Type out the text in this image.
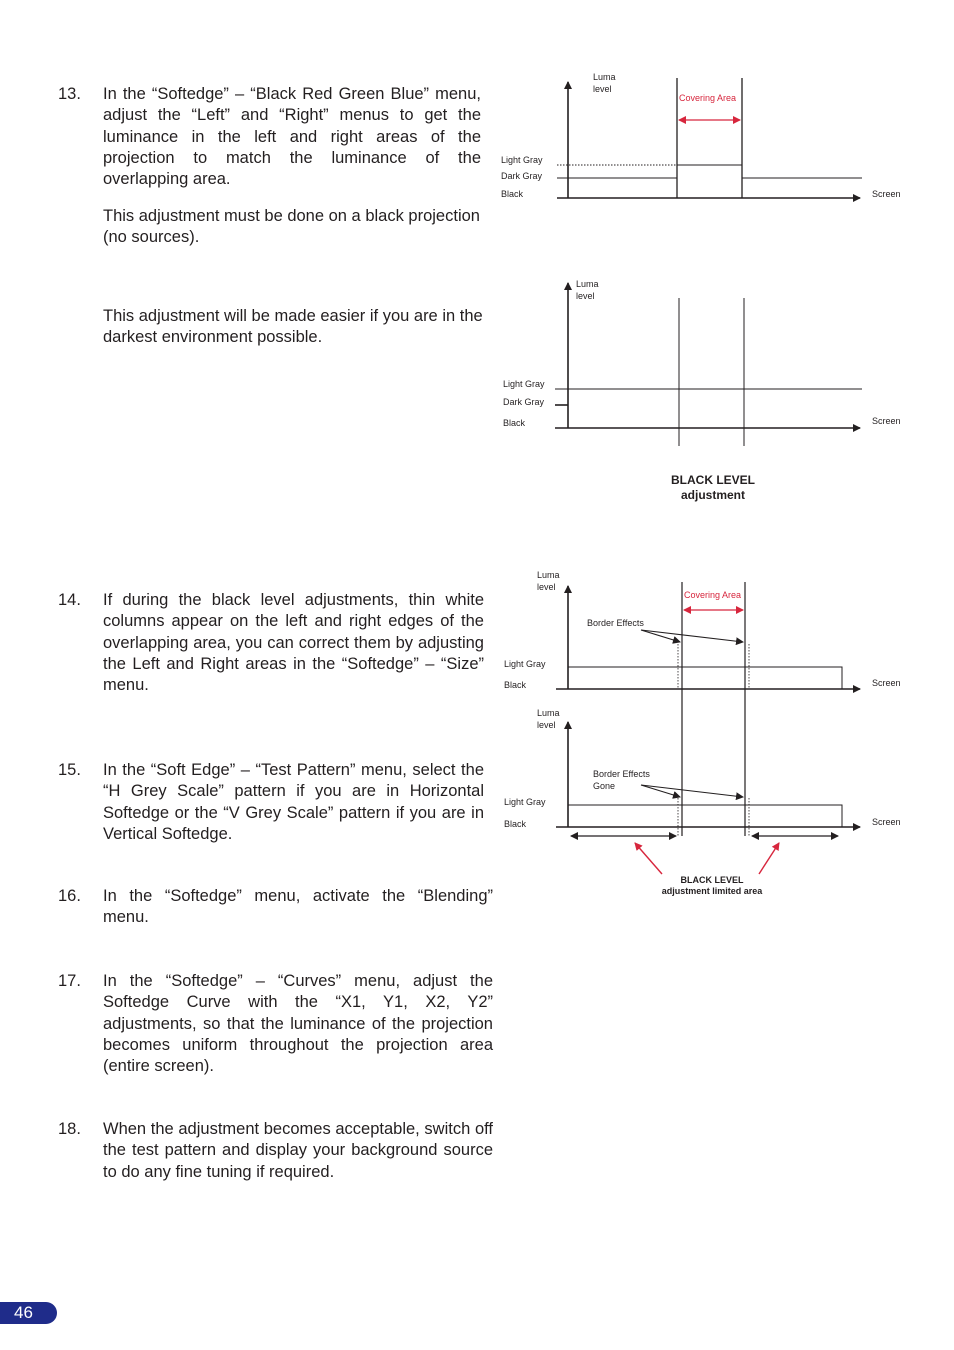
13. In the “Softedge” – “Black Red Green Blue” menu, adjust the “Left” and “Right” menus to get the luminance in the left and right areas of the projection to match the luminance of the overlapping area.
This adjustment must be done on a black projection (no sources).
This adjustment will be made easier if you are in the darkest environment possible.
14. If during the black level adjustments, thin white columns appear on the left and right edges of the overlapping area, you can correct them by adjusting the Left and Right areas in the “Softedge” – “Size” menu.
15. In the “Soft Edge” – “Test Pattern” menu, select the “H Grey Scale” pattern if you are in Horizontal Softedge or the “V Grey Scale” pattern if you are in Vertical Softedge.
16. In the “Softedge” menu, activate the “Blending” menu.
17. In the “Softedge” – “Curves” menu, adjust the Softedge Curve with the “X1, Y1, X2, Y2” adjustments, so that the luminance of the projection becomes uniform throughout the projection area (entire screen).
18. When the adjustment becomes acceptable, switch off the test pattern and display your background source to do any fine tuning if required.
Luma
level
Covering Area
Light Gray
Dark Gray
Black	Screen
Luma
level
Light Gray
Dark Gray
Black	Screen
BLACK LEVEL
adjustment
Luma
level
Covering Area
Border Effects
Light Gray
Black	Screen
Luma
level
Border Effects
Gone
Light Gray
Black	Screen
BLACK LEVEL
adjustment limited area
46
